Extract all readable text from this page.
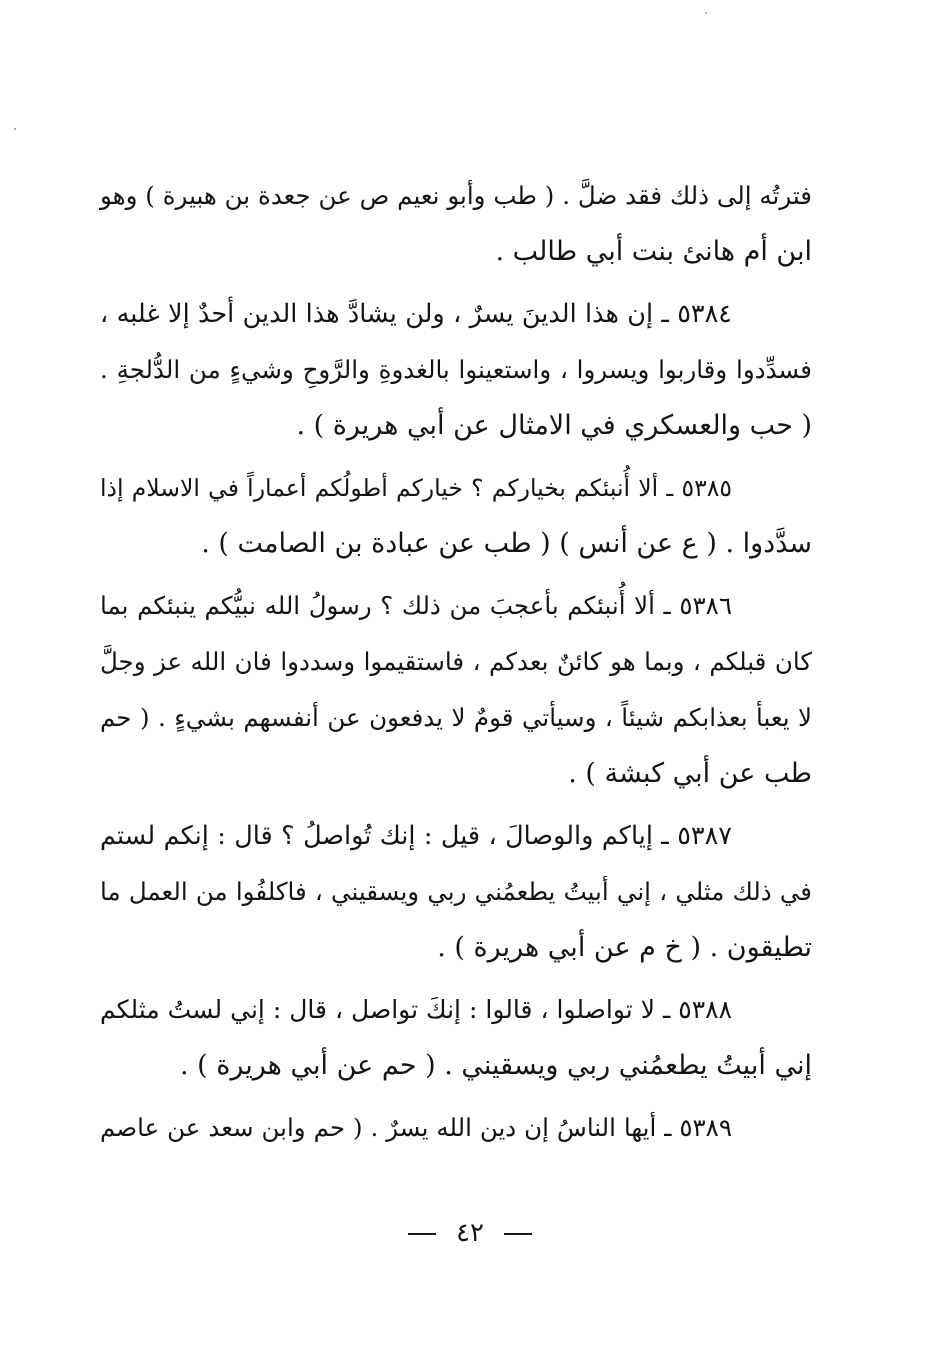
فترتُه إلى ذلك فقد ضلَّ . ( طب وأبو نعيم ص عن جعدة بن هبيرة ) وهو
ابن أم هانئ بنت أبي طالب .
٥٣٨٤ ـ إن هذا الدينَ يسرٌ ، ولن يشادَّ هذا الدين أحدٌ إلا غلبه ،
فسدِّدوا وقاربوا ويسروا ، واستعينوا بالغدوةِ والرَّوحِ وشيءٍ من الدُّلجةِ .
( حب والعسكري في الامثال عن أبي هريرة ) .
٥٣٨٥ ـ ألا أُنبئكم بخياركم ؟ خياركم أطولُكم أعماراً في الاسلام إذا
سدَّدوا . ( ع عن أنس ) ( طب عن عبادة بن الصامت ) .
٥٣٨٦ ـ ألا أُنبئكم بأعجبَ من ذلك ؟ رسولُ الله نبيُّكم ينبئكم بما
كان قبلكم ، وبما هو كائنٌ بعدكم ، فاستقيموا وسددوا فان الله عز وجلَّ
لا يعبأ بعذابكم شيئاً ، وسيأتي قومٌ لا يدفعون عن أنفسهم بشيءٍ . ( حم
طب عن أبي كبشة ) .
٥٣٨٧ ـ إياكم والوصالَ ، قيل : إنك تُواصلُ ؟ قال : إنكم لستم
في ذلك مثلي ، إني أبيتُ يطعمُني ربي ويسقيني ، فاكلفُوا من العمل ما
تطيقون . ( خ م عن أبي هريرة ) .
٥٣٨٨ ـ لا تواصلوا ، قالوا : إنكَ تواصل ، قال : إني لستُ مثلكم
إني أبيتُ يطعمُني ربي ويسقيني . ( حم عن أبي هريرة ) .
٥٣٨٩ ـ أيها الناسُ إن دين الله يسرٌ . ( حم وابن سعد عن عاصم
٤٢
